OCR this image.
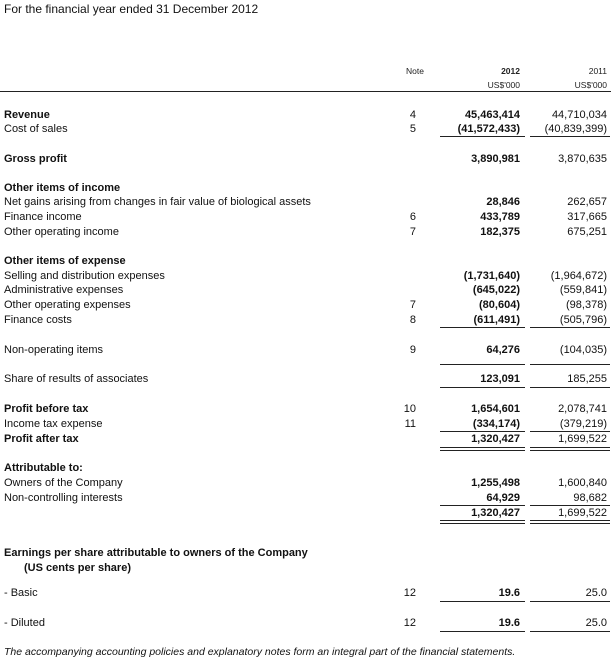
For the financial year ended 31 December 2012
Note	2012	2011
US$'000	US$'000
Revenue	4	45,463,414	44,710,034
Cost of sales	5	(41,572,433)	(40,839,399)
Gross profit	3,890,981	3,870,635
Other items of income
Net gains arising from changes in fair value of biological assets	28,846	262,657
Finance income	6	433,789	317,665
Other operating income	7	182,375	675,251
Other items of expense
Selling and distribution expenses	(1,731,640)	(1,964,672)
Administrative expenses	(645,022)	(559,841)
Other operating expenses	7	(80,604)	(98,378)
Finance costs	8	(611,491)	(505,796)
Non-operating items	9	64,276	(104,035)
Share of results of associates	123,091	185,255
Profit before tax	10	1,654,601	2,078,741
Income tax expense	11	(334,174)	(379,219)
Profit after tax	1,320,427	1,699,522
Attributable to:
Owners of the Company	1,255,498	1,600,840
Non-controlling interests	64,929	98,682
1,320,427	1,699,522
Earnings per share attributable to owners of the Company
(US cents per share)
- Basic	12	19.6	25.0
- Diluted	12	19.6	25.0
The accompanying accounting policies and explanatory notes form an integral part of the financial statements.
